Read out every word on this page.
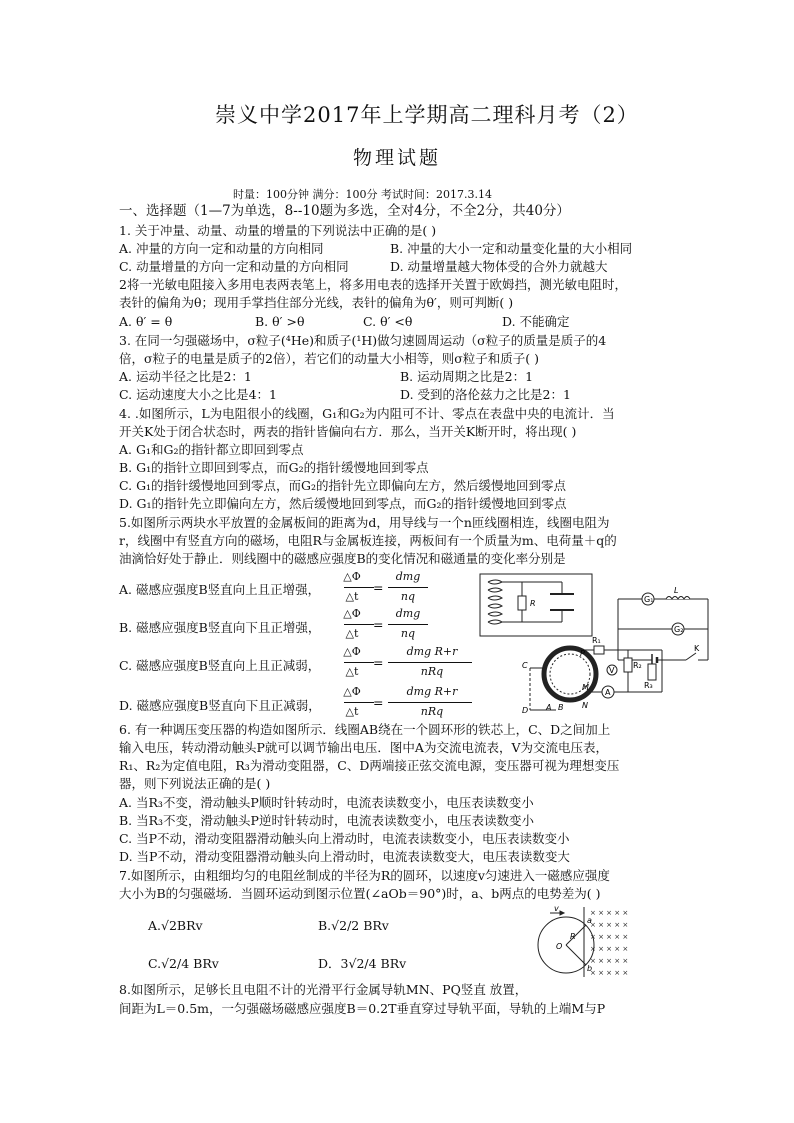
崇义中学2017年上学期高二理科月考（2）
物理试题
时量：100分钟 满分：100分 考试时间：2017.3.14
一、选择题（1—7为单选，8--10题为多选，全对4分，不全2分，共40分）
1. 关于冲量、动量、动量的增量的下列说法中正确的是( )
A. 冲量的方向一定和动量的方向相同	B. 冲量的大小一定和动量变化量的大小相同
C. 动量增量的方向一定和动量的方向相同	D. 动量增量越大物体受的合外力就越大
2将一光敏电阻接入多用电表两表笔上，将多用电表的选择开关置于欧姆挡，测光敏电阻时，
表针的偏角为θ；现用手掌挡住部分光线，表针的偏角为θ′，则可判断( )
A. θ′ = θ	B. θ′ >θ	C. θ′ <θ	D. 不能确定
3. 在同一匀强磁场中，σ粒子(⁴He)和质子(¹H)做匀速圆周运动（σ粒子的质量是质子的4
倍，σ粒子的电量是质子的2倍），若它们的动量大小相等，则σ粒子和质子( )
A. 运动半径之比是2：1	B. 运动周期之比是2：1
C. 运动速度大小之比是4：1	D. 受到的洛伦兹力之比是2：1
4. .如图所示，L为电阻很小的线圈，G₁和G₂为内阻可不计、零点在表盘中央的电流计．当
开关K处于闭合状态时，两表的指针皆偏向右方．那么，当开关K断开时，将出现( )
A. G₁和G₂的指针都立即回到零点
B. G₁的指针立即回到零点，而G₂的指针缓慢地回到零点
C. G₁的指针缓慢地回到零点，而G₂的指针先立即偏向左方，然后缓慢地回到零点
D. G₁的指针先立即偏向左方，然后缓慢地回到零点，而G₂的指针缓慢地回到零点
5.如图所示两块水平放置的金属板间的距离为d，用导线与一个n匝线圈相连，线圈电阻为
r，线圈中有竖直方向的磁场，电阻R与金属板连接，两板间有一个质量为m、电荷量＋q的
油滴恰好处于静止．则线圈中的磁感应强度B的变化情况和磁通量的变化率分别是
A. 磁感应强度B竖直向上且正增强，
△Φ
△t
=
dmg
nq
B. 磁感应强度B竖直向下且正增强，
△Φ
△t
=
dmg
nq
C. 磁感应强度B竖直向上且正减弱，
△Φ
△t
=
dmg R+r
nRq
D. 磁感应强度B竖直向下且正减弱，
△Φ
△t
=
dmg R+r
nRq
R	G₁
G₂
L
K
C
D A B
M
N
R₁
R₂
R₃
V
A
P
6. 有一种调压变压器的构造如图所示．线圈AB绕在一个圆环形的铁芯上，C、D之间加上
输入电压，转动滑动触头P就可以调节输出电压．图中A为交流电流表，V为交流电压表，
R₁、R₂为定值电阻，R₃为滑动变阻器，C、D两端接正弦交流电源，变压器可视为理想变压
器，则下列说法正确的是( )
A. 当R₃不变，滑动触头P顺时针转动时，电流表读数变小，电压表读数变小
B. 当R₃不变，滑动触头P逆时针转动时，电流表读数变小，电压表读数变小
C. 当P不动，滑动变阻器滑动触头向上滑动时，电流表读数变小，电压表读数变小
D. 当P不动，滑动变阻器滑动触头向上滑动时，电流表读数变大，电压表读数变大
7.如图所示，由粗细均匀的电阻丝制成的半径为R的圆环，以速度v匀速进入一磁感应强度
大小为B的匀强磁场．当圆环运动到图示位置(∠aOb＝90°)时，a、b两点的电势差为( )
A.√2BRv	B.√2/2 BRv
C.√2/4 BRv	D．3√2/4 BRv
× × × × ×
× × × × ×
× × × × ×
× × × × ×
× × × × ×
× × × × ×
O
v
a
b
R
8.如图所示，足够长且电阻不计的光滑平行金属导轨MN、PQ竖直 放置，
间距为L＝0.5m，一匀强磁场磁感应强度B＝0.2T垂直穿过导轨平面，导轨的上端M与P
